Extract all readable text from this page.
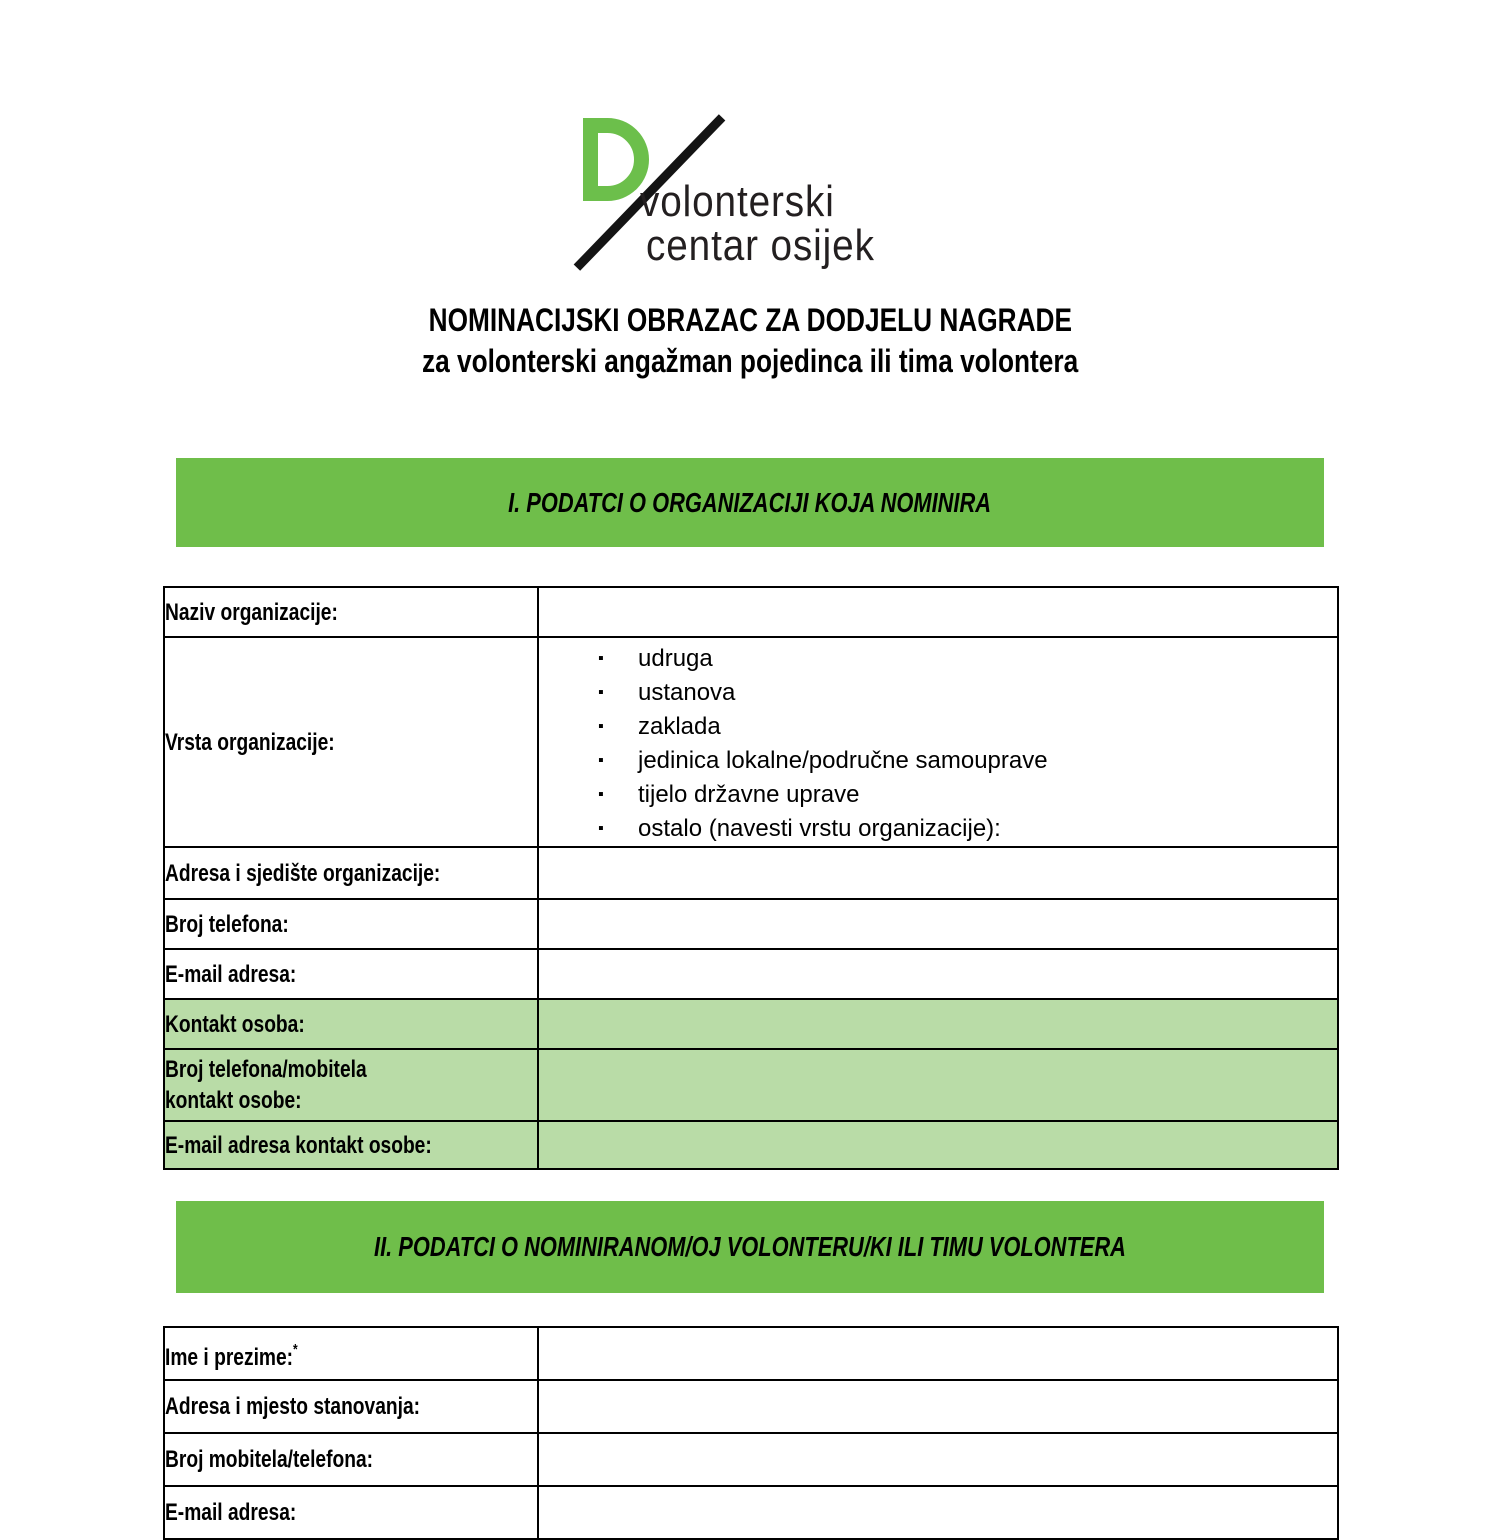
volonterski
centar osijek
NOMINACIJSKI OBRAZAC ZA DODJELU NAGRADE
za volonterski angažman pojedinca ili tima volontera
I. PODATCI O ORGANIZACIJI KOJA NOMINIRA
Naziv organizacije:	
Vrsta organizacije:	
▪ udruga
▪ ustanova
▪ zaklada
▪ jedinica lokalne/područne samouprave
▪ tijelo državne uprave
▪ ostalo (navesti vrstu organizacije):

Adresa i sjedište organizacije:	
Broj telefona:	
E-mail adresa:	
Kontakt osoba:	
Broj telefona/mobitela kontakt osobe:	
E-mail adresa kontakt osobe:	
II. PODATCI O NOMINIRANOM/OJ VOLONTERU/KI ILI TIMU VOLONTERA
Ime i prezime:*	
Adresa i mjesto stanovanja:	
Broj mobitela/telefona:	
E-mail adresa:	
